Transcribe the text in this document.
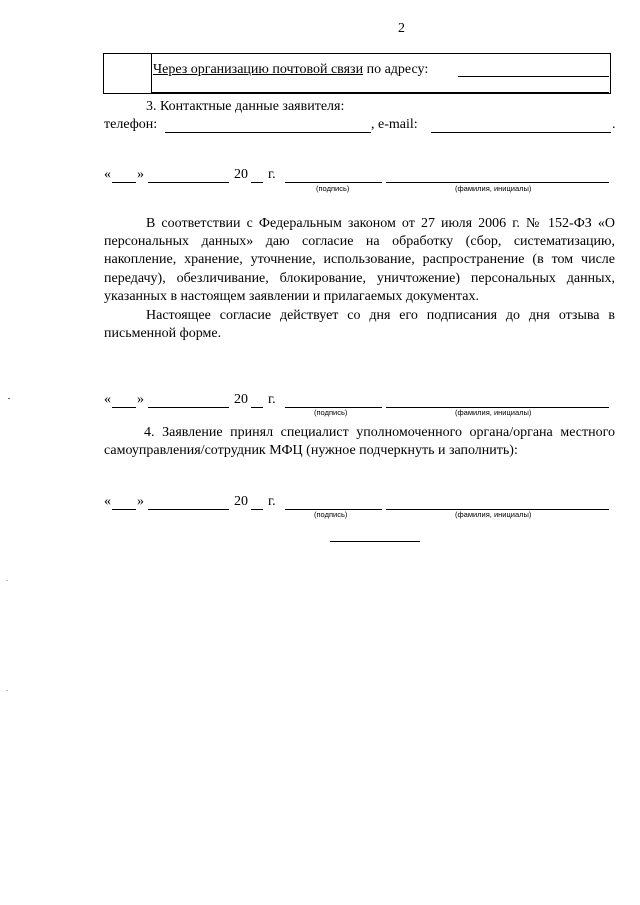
2
Через организацию почтовой связи по адресу:
3. Контактные данные заявителя:
телефон:	, e-mail:	.
« »	20 г.
(подпись)	(фамилия, инициалы)

В соответствии с Федеральным законом от 27 июля 2006 г. № 152-ФЗ «О персональных данных» даю согласие на обработку (сбор, систематизацию, накопление, хранение, уточнение, использование, распространение (в том числе передачу), обезличивание, блокирование, уничтожение) персональных данных, указанных в настоящем заявлении и прилагаемых документах.

Настоящее согласие действует со дня его подписания до дня отзыва в письменной форме.

« »	20 г.
(подпись)	(фамилия, инициалы)

4. Заявление принял специалист уполномоченного органа/органа местного самоуправления/сотрудник МФЦ (нужное подчеркнуть и заполнить):

« »	20 г.
(подпись)	(фамилия, инициалы)
